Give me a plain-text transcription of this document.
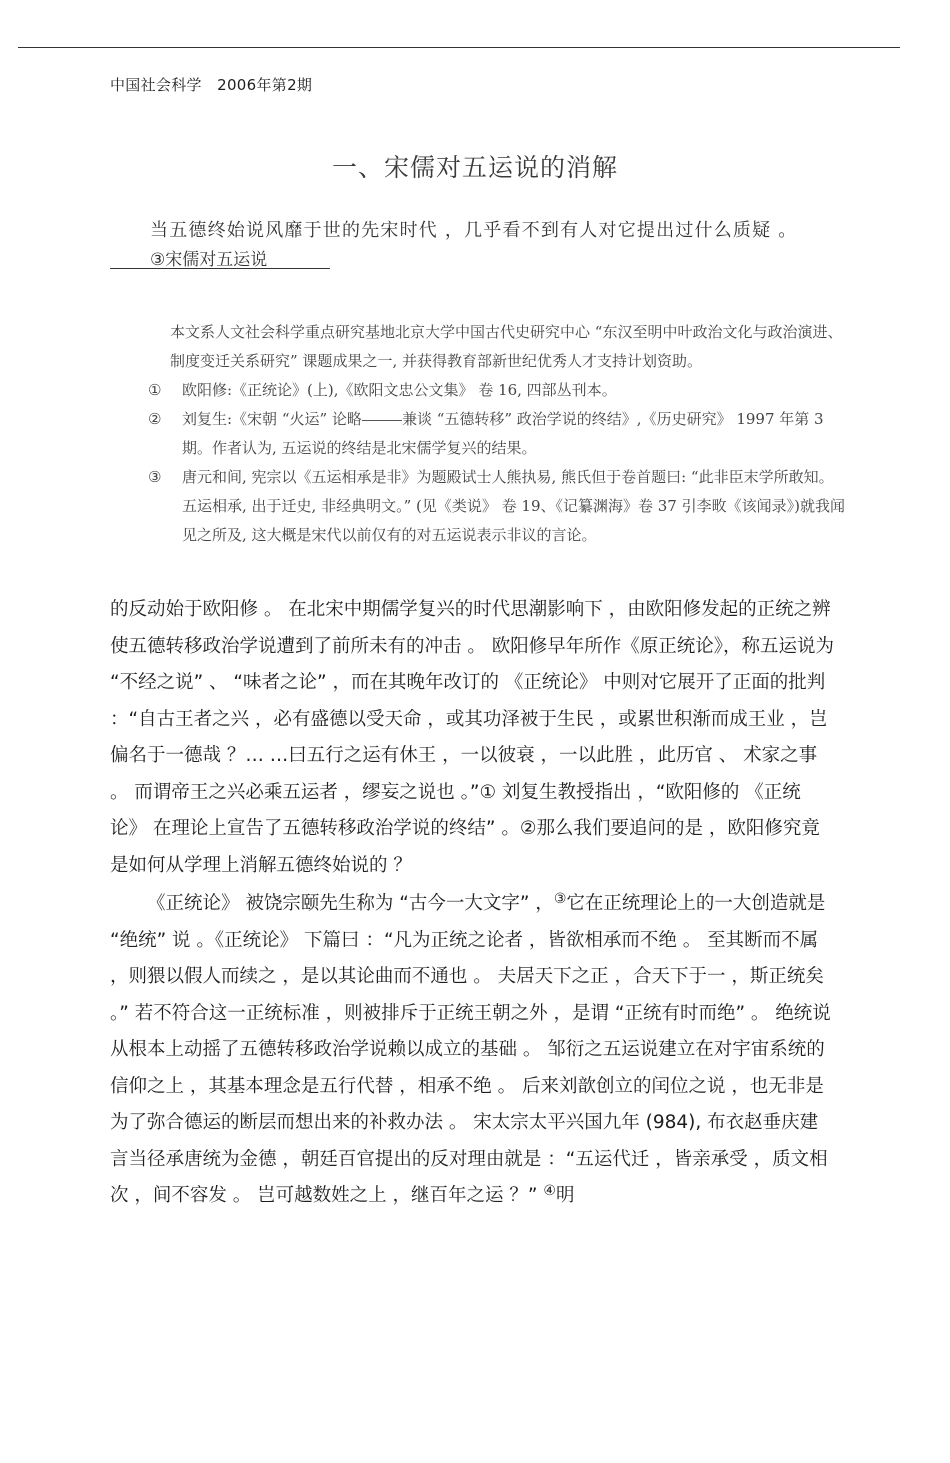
中国社会科学　2006年第2期
一、宋儒对五运说的消解
当五德终始说风靡于世的先宋时代 ，几乎看不到有人对它提出过什么质疑 。
③宋儒对五运说
本文系人文社会科学重点研究基地北京大学中国古代史研究中心 “东汉至明中叶政治文化与政治演进、制度变迁关系研究” 课题成果之一, 并获得教育部新世纪优秀人才支持计划资助。
①	欧阳修:《正统论》(上),《欧阳文忠公文集》 卷 16, 四部丛刊本。
②	刘复生:《宋朝 “火运” 论略	兼谈 “五德转移” 政治学说的终结》,《历史研究》 1997 年第 3 期。作者认为, 五运说的终结是北宋儒学复兴的结果。
③	唐元和间, 宪宗以《五运相承是非》为题殿试士人熊执易, 熊氏但于卷首题曰: “此非臣末学所敢知。五运相承, 出于迁史, 非经典明文。” (见《类说》 卷 19、《记纂渊海》卷 37 引李畋《该闻录》)就我闻见之所及, 这大概是宋代以前仅有的对五运说表示非议的言论。

的反动始于欧阳修 。 在北宋中期儒学复兴的时代思潮影响下 ，由欧阳修发起的正统之辨使五德转移政治学说遭到了前所未有的冲击 。 欧阳修早年所作《原正统论》，称五运说为 “不经之说” 、 “味者之论” ，而在其晚年改订的 《正统论》 中则对它展开了正面的批判 ：“自古王者之兴 ，必有盛德以受天命 ，或其功泽被于生民 ，或累世积渐而成王业 ，岂偏名于一德哉 ？… …曰五行之运有休王 ，一以彼衰 ，一以此胜 ，此历官 、 术家之事 。 而谓帝王之兴必乘五运者 ，缪妄之说也 。”① 刘复生教授指出 ，“欧阳修的 《正统论》 在理论上宣告了五德转移政治学说的终结” 。②那么我们要追问的是 ，欧阳修究竟是如何从学理上消解五德终始说的 ？

《正统论》 被饶宗颐先生称为 “古今一大文字” ，③它在正统理论上的一大创造就是 “绝统” 说 。《正统论》 下篇曰 ：“凡为正统之论者 ，皆欲相承而不绝 。 至其断而不属 ，则猥以假人而续之 ，是以其论曲而不通也 。 夫居天下之正 ，合天下于一 ，斯正统矣 。” 若不符合这一正统标准 ，则被排斥于正统王朝之外 ，是谓 “正统有时而绝” 。 绝统说从根本上动摇了五德转移政治学说赖以成立的基础 。 邹衍之五运说建立在对宇宙系统的信仰之上 ，其基本理念是五行代替 ，相承不绝 。 后来刘歆创立的闰位之说 ，也无非是为了弥合德运的断层而想出来的补救办法 。 宋太宗太平兴国九年 (984), 布衣赵垂庆建言当径承唐统为金德 ，朝廷百官提出的反对理由就是 ：“五运代迁 ，皆亲承受 ，质文相次 ，间不容发 。 岂可越数姓之上 ，继百年之运 ？” ④明
